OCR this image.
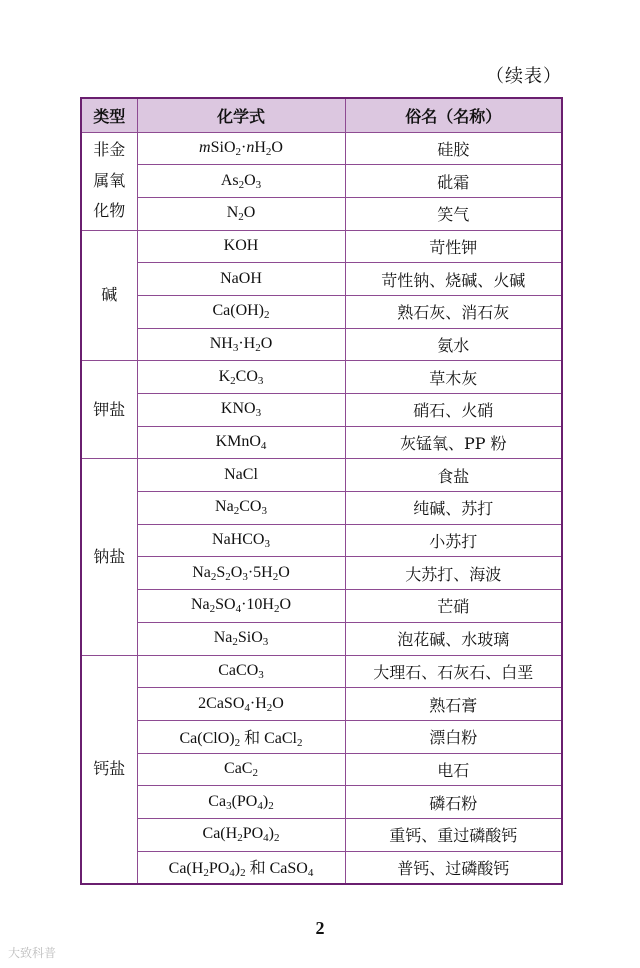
（续表）
类型	化学式	俗名（名称）

非金
属氧
化物	$mSiO_2\cdot nH_2O$	硅胶
	$As_2O_3$	砒霜
	$N_2O$	笑气
碱	KOH	苛性钾
	NaOH	苛性钠、烧碱、火碱
	$Ca(OH)_2$	熟石灰、消石灰
	$NH_3\cdot H_2O$	氨水
钾盐	$K_2CO_3$	草木灰
	$KNO_3$	硝石、火硝
	KMnO$_4$	灰锰氧、PP 粉
钠盐	NaCl	食盐
	$Na_2CO_3$	纯碱、苏打
	NaHCO$_3$	小苏打
	$Na_2S_2O_3\cdot 5H_2O$	大苏打、海波
	$Na_2SO_4\cdot 10H_2O$	芒硝
	$Na_2SiO_3$	泡花碱、水玻璃
钙盐	CaCO$_3$	大理石、石灰石、白垩
	$2CaSO_4\cdot H_2O$	熟石膏
	$Ca(ClO)_2$ 和 CaCl$_2$	漂白粉
	CaC$_2$	电石
	$Ca_3(PO_4)_2$	磷石粉
	$Ca(H_2PO_4)_2$	重钙、重过磷酸钙
	$Ca(H_2PO_4)_2$ 和 CaSO$_4$	普钙、过磷酸钙
2
大致科普
